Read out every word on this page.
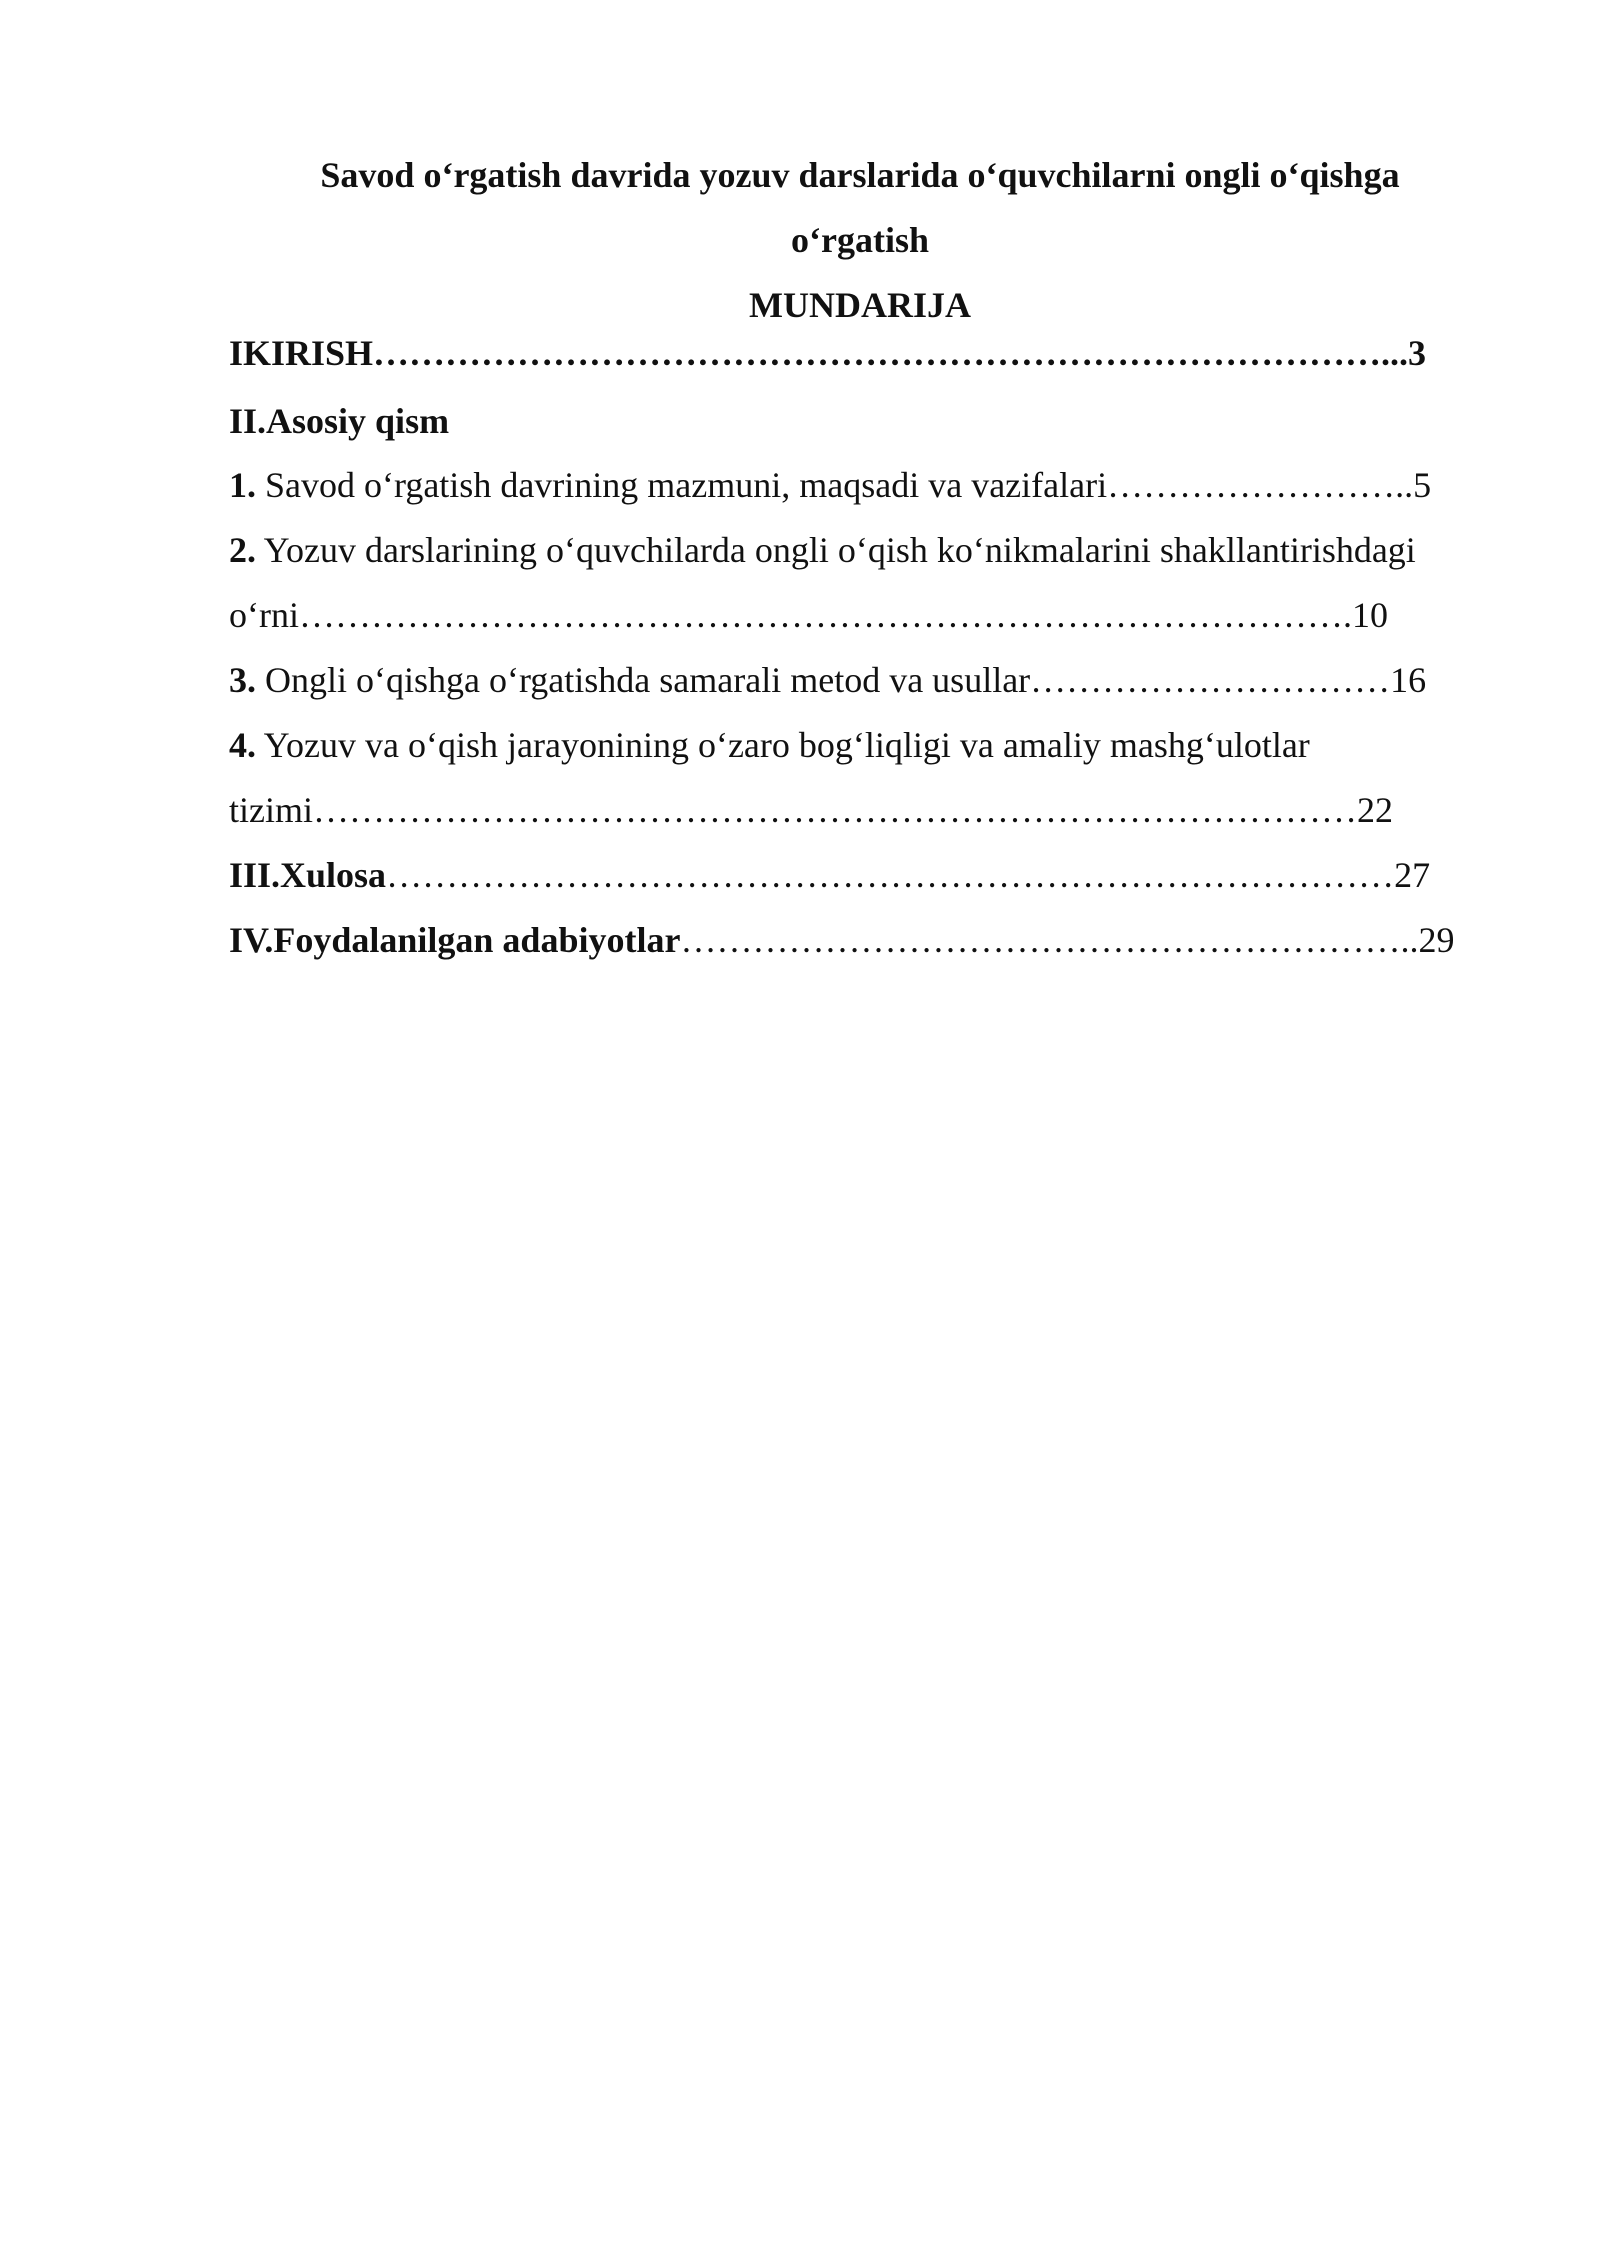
Savod o‘rgatish davrida yozuv darslarida o‘quvchilarni ongli o‘qishga
o‘rgatish
MUNDARIJA
IKIRISH…………………………………………………………………………...3
II.Asosiy qism
1. Savod o‘rgatish davrining mazmuni, maqsadi va vazifalari……………………..5
2. Yozuv darslarining o‘quvchilarda ongli o‘qish ko‘nikmalarini shakllantirishdagi
o‘rni…………………………………………………………………………….10
3. Ongli o‘qishga o‘rgatishda samarali metod va usullar…………………………16
4. Yozuv va o‘qish jarayonining o‘zaro bog‘liqligi va amaliy mashg‘ulotlar
tizimi……………………………………………………………………………22
III.Xulosa…………………………………………………………………………27
IV.Foydalanilgan adabiyotlar……………………………………………………..29
